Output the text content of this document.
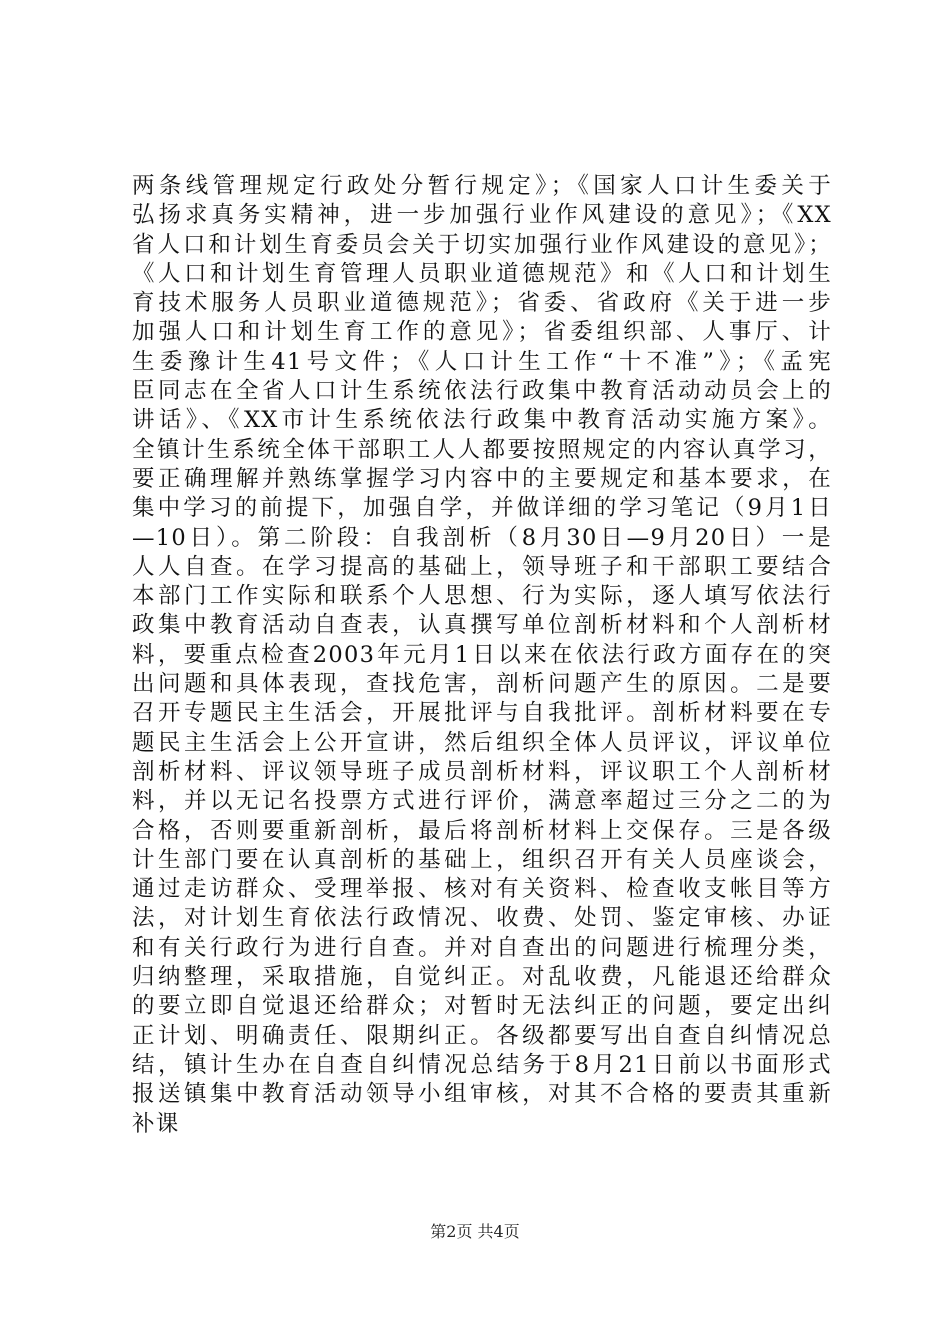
两条线管理规定行政处分暂行规定》；《国家人口计生委关于
弘扬求真务实精神，进一步加强行业作风建设的意见》；《XX
省人口和计划生育委员会关于切实加强行业作风建设的意见》；
《人口和计划生育管理人员职业道德规范》和《人口和计划生
育技术服务人员职业道德规范》；省委、省政府《关于进一步
加强人口和计划生育工作的意见》；省委组织部、人事厅、计
生委豫计生41号文件；《人口计生工作“十不准”》；《孟宪
臣同志在全省人口计生系统依法行政集中教育活动动员会上的
讲话》、《XX市计生系统依法行政集中教育活动实施方案》。
全镇计生系统全体干部职工人人都要按照规定的内容认真学习，
要正确理解并熟练掌握学习内容中的主要规定和基本要求，在
集中学习的前提下，加强自学，并做详细的学习笔记（9月1日
—10日）。第二阶段：自我剖析（8月30日—9月20日）一是
人人自查。在学习提高的基础上，领导班子和干部职工要结合
本部门工作实际和联系个人思想、行为实际，逐人填写依法行
政集中教育活动自查表，认真撰写单位剖析材料和个人剖析材
料，要重点检查2003年元月1日以来在依法行政方面存在的突
出问题和具体表现，查找危害，剖析问题产生的原因。二是要
召开专题民主生活会，开展批评与自我批评。剖析材料要在专
题民主生活会上公开宣讲，然后组织全体人员评议，评议单位
剖析材料、评议领导班子成员剖析材料，评议职工个人剖析材
料，并以无记名投票方式进行评价，满意率超过三分之二的为
合格，否则要重新剖析，最后将剖析材料上交保存。三是各级
计生部门要在认真剖析的基础上，组织召开有关人员座谈会，
通过走访群众、受理举报、核对有关资料、检查收支帐目等方
法，对计划生育依法行政情况、收费、处罚、鉴定审核、办证
和有关行政行为进行自查。并对自查出的问题进行梳理分类，
归纳整理，采取措施，自觉纠正。对乱收费，凡能退还给群众
的要立即自觉退还给群众；对暂时无法纠正的问题，要定出纠
正计划、明确责任、限期纠正。各级都要写出自查自纠情况总
结，镇计生办在自查自纠情况总结务于8月21日前以书面形式
报送镇集中教育活动领导小组审核，对其不合格的要责其重新
补课
第2页 共4页
